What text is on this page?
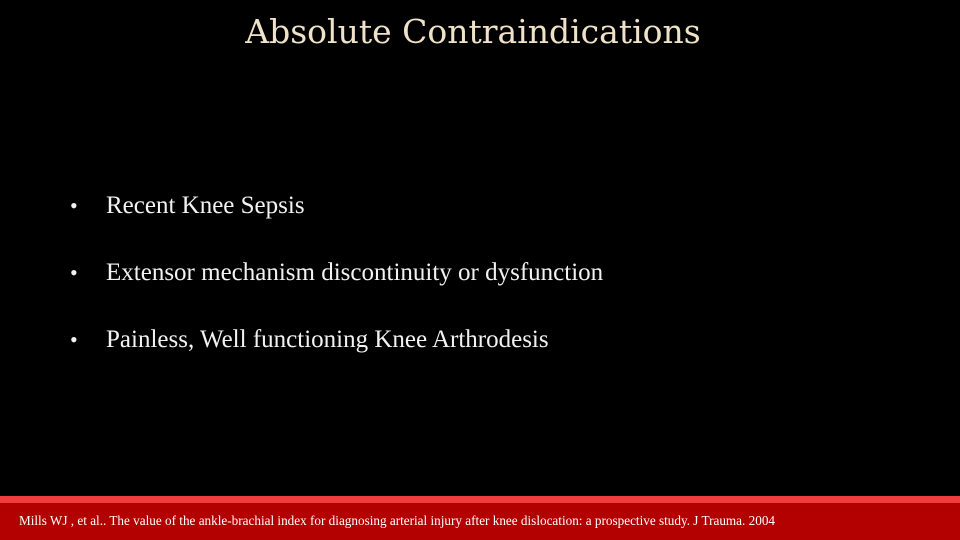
Absolute Contraindications
•	Recent Knee Sepsis
•	Extensor mechanism discontinuity or dysfunction
•	Painless, Well functioning Knee Arthrodesis
Mills WJ , et al.. The value of the ankle-brachial index for diagnosing arterial injury after knee dislocation: a prospective study. J Trauma. 2004
